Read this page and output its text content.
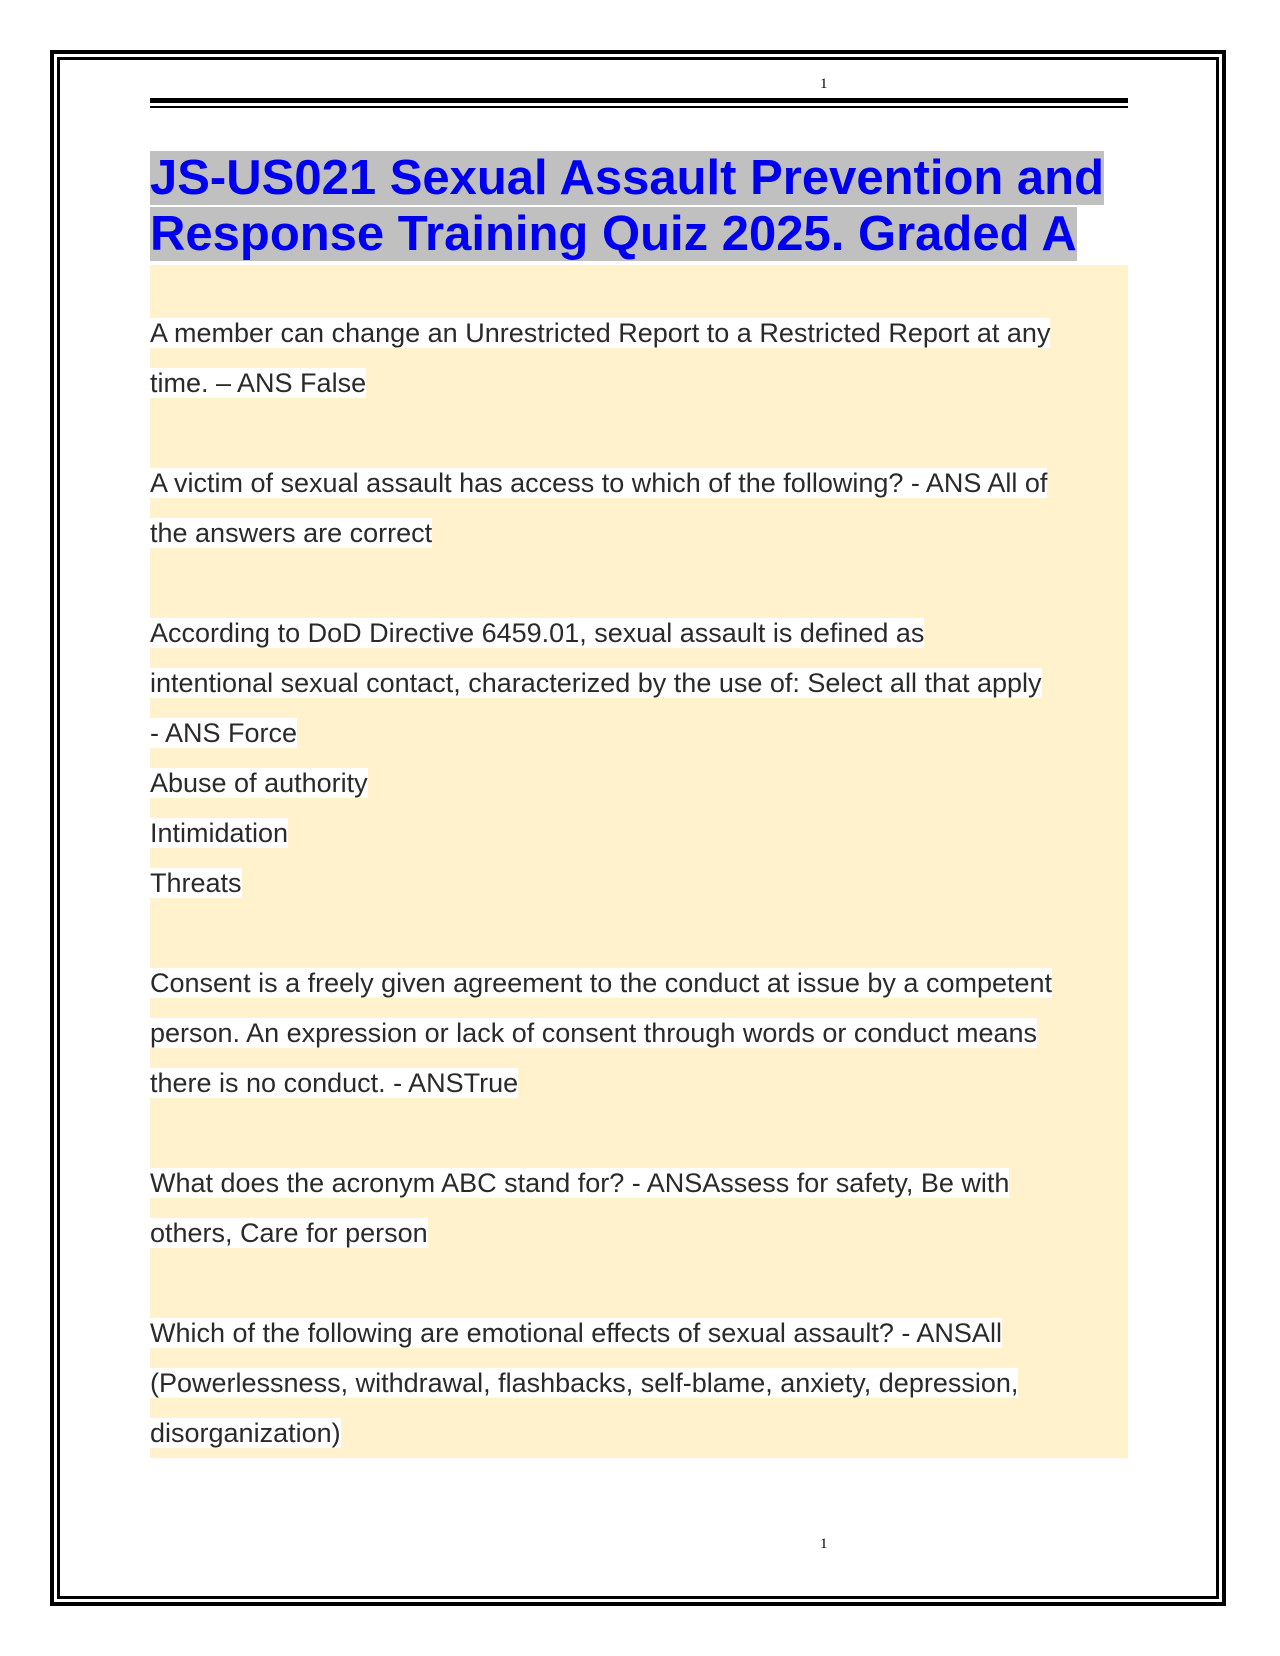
1
JS-US021 Sexual Assault Prevention and Response Training Quiz 2025. Graded A
A member can change an Unrestricted Report to a Restricted Report at any
time. – ANS False
A victim of sexual assault has access to which of the following? - ANS All of
the answers are correct
According to DoD Directive 6459.01, sexual assault is defined as
intentional sexual contact, characterized by the use of: Select all that apply
- ANS Force
Abuse of authority
Intimidation
Threats
Consent is a freely given agreement to the conduct at issue by a competent
person. An expression or lack of consent through words or conduct means
there is no conduct. - ANSTrue
What does the acronym ABC stand for? - ANSAssess for safety, Be with
others, Care for person
Which of the following are emotional effects of sexual assault? - ANSAll
(Powerlessness, withdrawal, flashbacks, self-blame, anxiety, depression,
disorganization)
1
